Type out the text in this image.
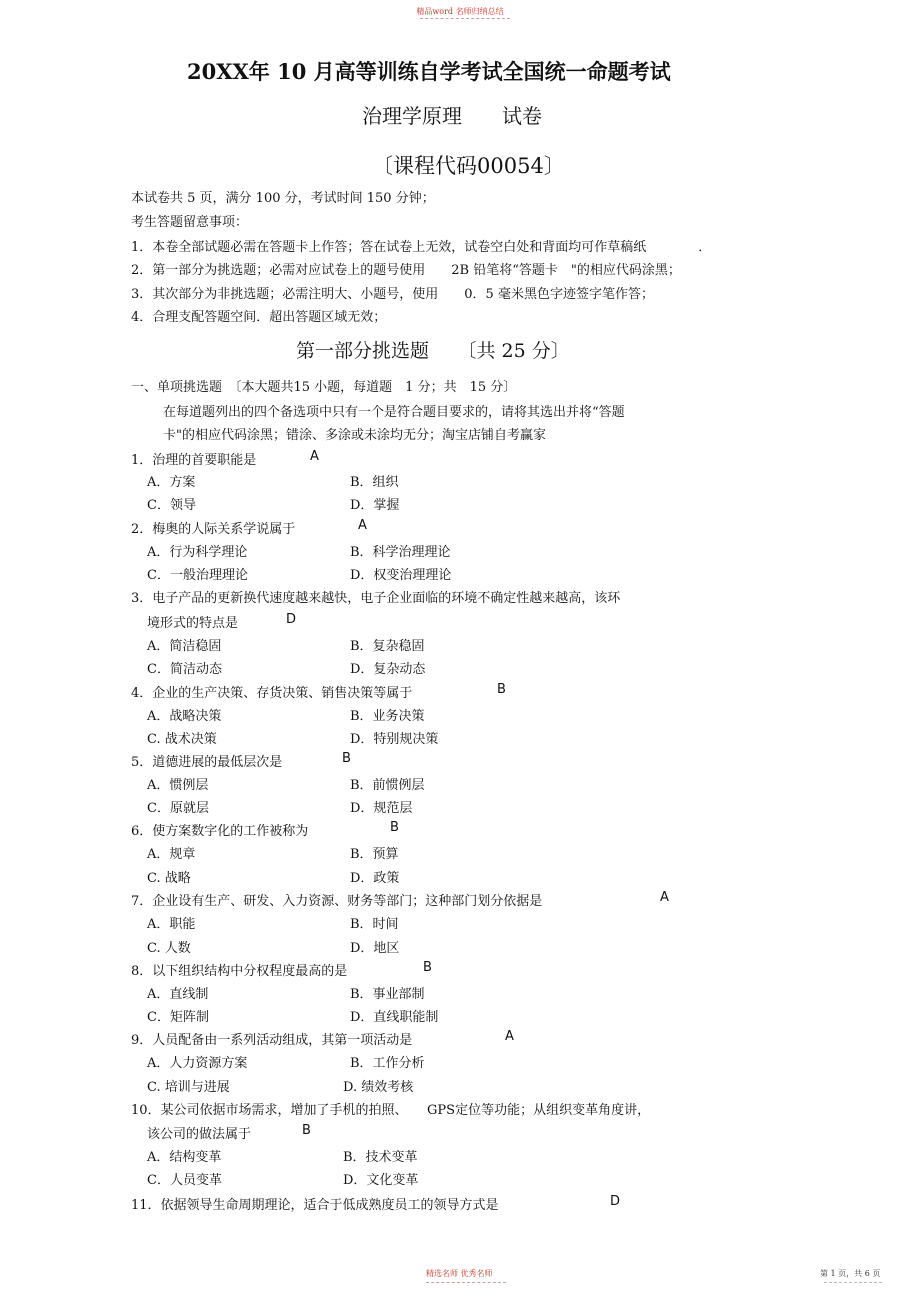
精品word 名师归纳总结
20XX年 10 月高等训练自学考试全国统一命题考试
治理学原理 试卷
〔课程代码00054〕
本试卷共 5 页，满分 100 分，考试时间 150 分钟；
考生答题留意事项：
1．本卷全部试题必需在答题卡上作答；答在试卷上无效，试卷空白处和背面均可作草稿纸　　　　．
2．第一部分为挑选题；必需对应试卷上的题号使用　　2B 铅笔将“答题卡　"的相应代码涂黑；
3．其次部分为非挑选题；必需注明大、小题号，使用　　0．5 毫米黑色字迹签字笔作答；
4．合理支配答题空间．超出答题区域无效；
第一部分挑选题　　〔共 25 分〕
一、单项挑选题　〔本大题共15 小题，每道题　1 分；共　15 分〕
在每道题列出的四个备选项中只有一个是符合题目要求的，请将其选出并将“答题
卡"的相应代码涂黑；错涂、多涂或未涂均无分；淘宝店铺自考赢家
1．治理的首要职能是	A
A．方案	B．组织
C．领导	D．掌握
2．梅奥的人际关系学说属于	A
A．行为科学理论	B．科学治理理论
C．一般治理理论	D．权变治理理论
3．电子产品的更新换代速度越来越快，电子企业面临的环境不确定性越来越高，该环
境形式的特点是	D
A．简洁稳固	B．复杂稳固
C．简洁动态	D．复杂动态
4．企业的生产决策、存货决策、销售决策等属于	B
A．战略决策	B．业务决策
C. 战术决策	D．特别规决策
5．道德进展的最低层次是	B
A．惯例层	B．前惯例层
C．原就层	D．规范层
6．使方案数字化的工作被称为	B
A．规章	B．预算
C. 战略	D．政策
7．企业设有生产、研发、入力资源、财务等部门；这种部门划分依据是	A
A．职能	B．时间
C. 人数	D．地区
8．以下组织结构中分权程度最高的是	B
A．直线制	B．事业部制
C．矩阵制	D．直线职能制
9．人员配备由一系列活动组成，其第一项活动是	A
A．人力资源方案	B．工作分析
C. 培训与进展	D. 绩效考核
10．某公司依据市场需求，增加了手机的拍照、　　GPS定位等功能；从组织变革角度讲，
该公司的做法属于	B
A．结构变革	B．技术变革
C．人员变革	D．文化变革
11．依据领导生命周期理论，适合于低成熟度员工的领导方式是	D
精选名师 优秀名师	第 1 页，共 6 页
